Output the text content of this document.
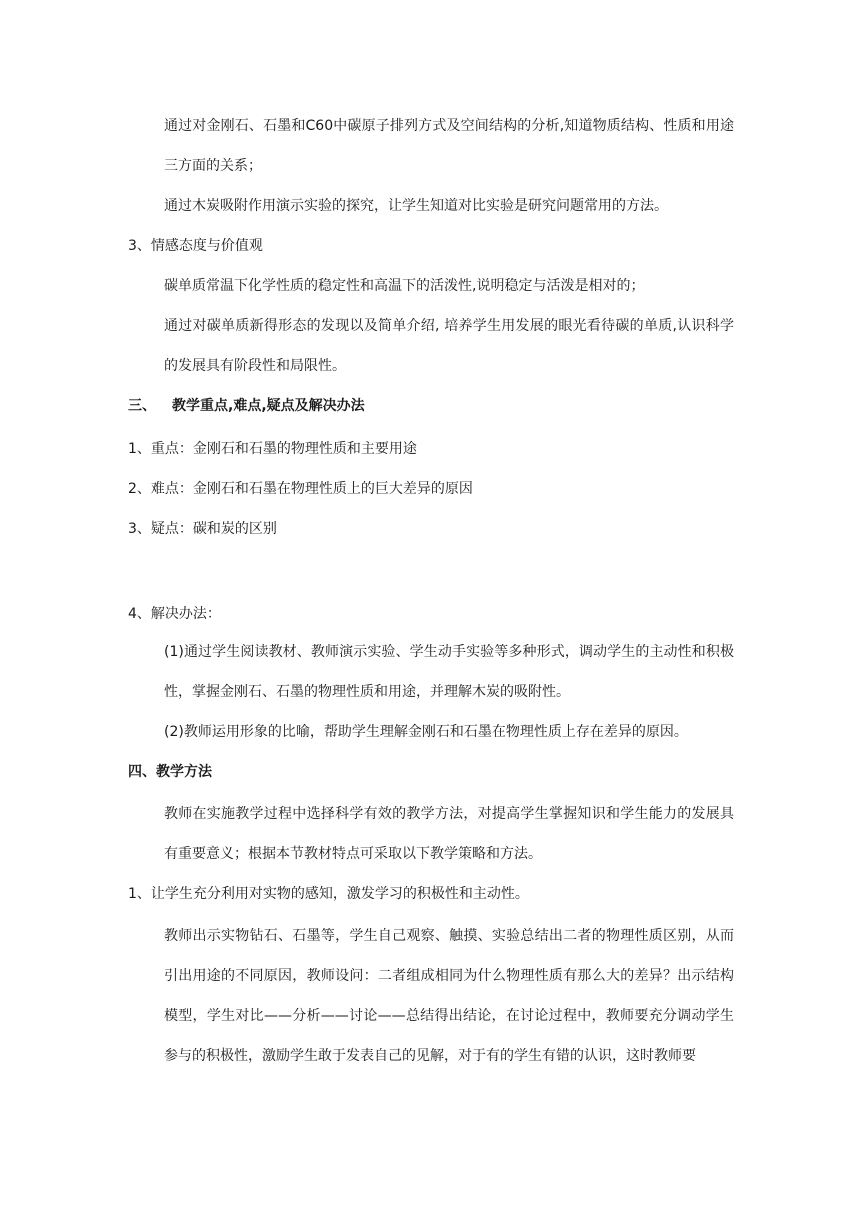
通过对金刚石、石墨和C60中碳原子排列方式及空间结构的分析,知道物质结构、性质和用途三方面的关系；

通过木炭吸附作用演示实验的探究，让学生知道对比实验是研究问题常用的方法。

3、情感态度与价值观

碳单质常温下化学性质的稳定性和高温下的活泼性,说明稳定与活泼是相对的；

通过对碳单质新得形态的发现以及简单介绍, 培养学生用发展的眼光看待碳的单质,认识科学的发展具有阶段性和局限性。

三、 教学重点,难点,疑点及解决办法

1、重点：金刚石和石墨的物理性质和主要用途

2、难点：金刚石和石墨在物理性质上的巨大差异的原因

3、疑点：碳和炭的区别

4、解决办法：

(1)通过学生阅读教材、教师演示实验、学生动手实验等多种形式，调动学生的主动性和积极性，掌握金刚石、石墨的物理性质和用途，并理解木炭的吸附性。

(2)教师运用形象的比喻，帮助学生理解金刚石和石墨在物理性质上存在差异的原因。

四、教学方法

教师在实施教学过程中选择科学有效的教学方法，对提高学生掌握知识和学生能力的发展具有重要意义；根据本节教材特点可采取以下教学策略和方法。

1、让学生充分利用对实物的感知，激发学习的积极性和主动性。

教师出示实物钻石、石墨等，学生自己观察、触摸、实验总结出二者的物理性质区别，从而引出用途的不同原因，教师设问：二者组成相同为什么物理性质有那么大的差异？出示结构模型，学生对比——分析——讨论——总结得出结论，在讨论过程中，教师要充分调动学生参与的积极性，激励学生敢于发表自己的见解，对于有的学生有错的认识，这时教师要
